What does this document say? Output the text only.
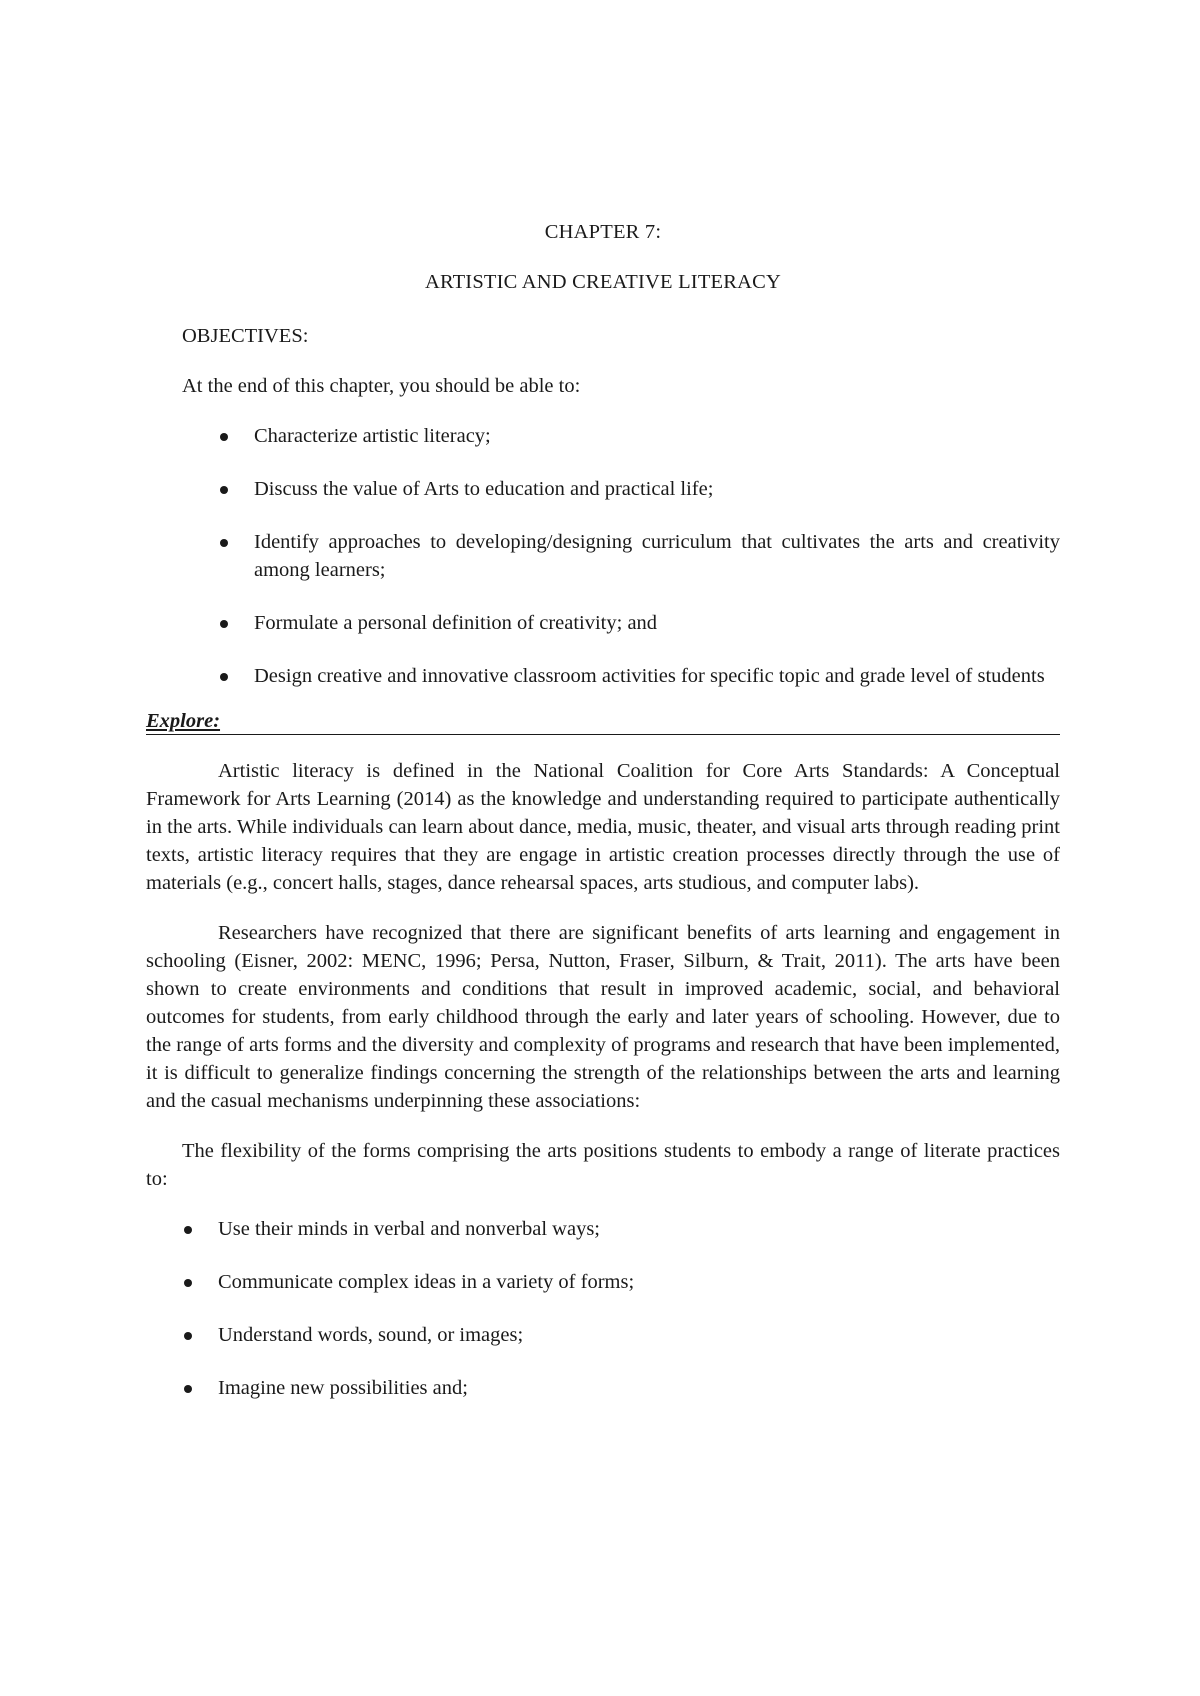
CHAPTER 7:
ARTISTIC AND CREATIVE LITERACY
OBJECTIVES:

At the end of this chapter, you should be able to:

Characterize artistic literacy;
Discuss the value of Arts to education and practical life;
Identify approaches to developing/designing curriculum that cultivates the arts and creativity among learners;
Formulate a personal definition of creativity; and
Design creative and innovative classroom activities for specific topic and grade level of students
Explore:

Artistic literacy is defined in the National Coalition for Core Arts Standards: A Conceptual Framework for Arts Learning (2014) as the knowledge and understanding required to participate authentically in the arts. While individuals can learn about dance, media, music, theater, and visual arts through reading print texts, artistic literacy requires that they are engage in artistic creation processes directly through the use of materials (e.g., concert halls, stages, dance rehearsal spaces, arts studious, and computer labs).

Researchers have recognized that there are significant benefits of arts learning and engagement in schooling (Eisner, 2002: MENC, 1996; Persa, Nutton, Fraser, Silburn, & Trait, 2011). The arts have been shown to create environments and conditions that result in improved academic, social, and behavioral outcomes for students, from early childhood through the early and later years of schooling. However, due to the range of arts forms and the diversity and complexity of programs and research that have been implemented, it is difficult to generalize findings concerning the strength of the relationships between the arts and learning and the casual mechanisms underpinning these associations:

The flexibility of the forms comprising the arts positions students to embody a range of literate practices to:

Use their minds in verbal and nonverbal ways;
Communicate complex ideas in a variety of forms;
Understand words, sound, or images;
Imagine new possibilities and;
